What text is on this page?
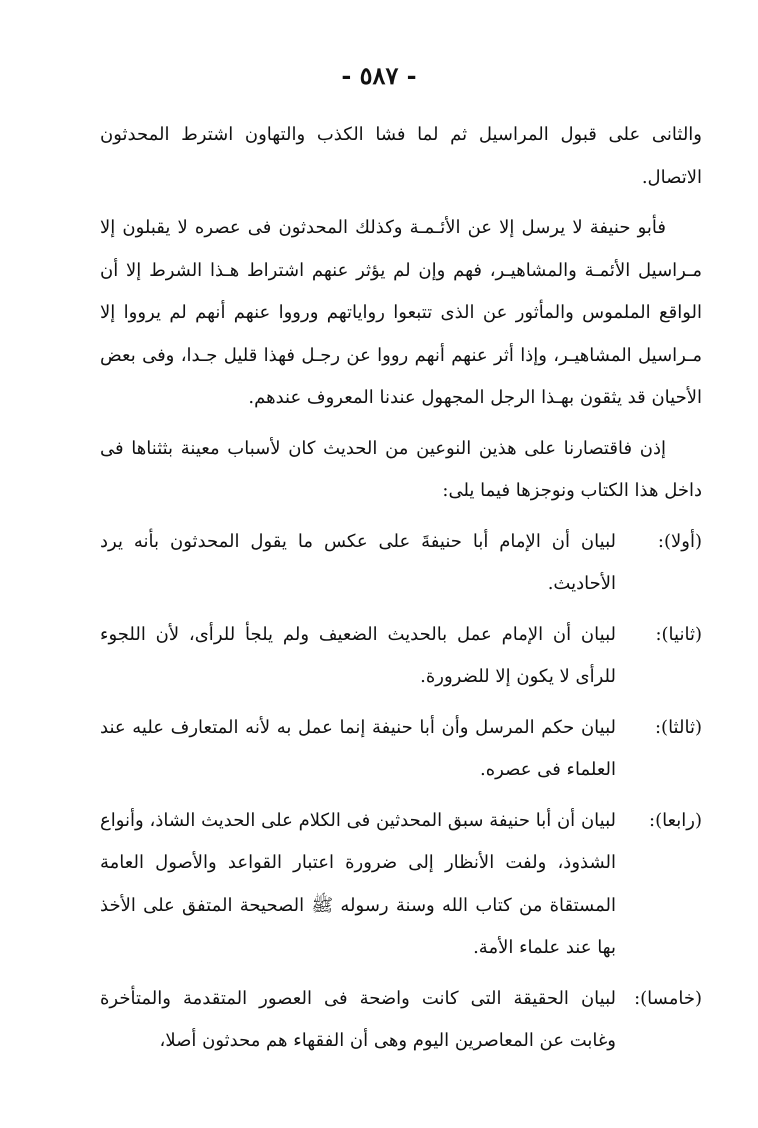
- ٥٨٧ -

والثانى على قبول المراسيل ثم لما فشا الكذب والتهاون اشترط المحدثون الاتصال.

فأبو حنيفة لا يرسل إلا عن الأئـمـة وكذلك المحدثون فى عصره لا يقبلون إلا مـراسيل الأئمـة والمشاهيـر، فهم وإن لم يؤثر عنهم اشتراط هـذا الشرط إلا أن الواقع الملموس والمأثور عن الذى تتبعوا رواياتهم ورووا عنهم أنهم لم يرووا إلا مـراسيل المشاهيـر، وإذا أثر عنهم أنهم رووا عن رجـل فهذا قليل جـدا، وفى بعض الأحيان قد يثقون بهـذا الرجل المجهول عندنا المعروف عندهم.

إذن فاقتصارنا على هذين النوعين من الحديث كان لأسباب معينة بثثناها فى داخل هذا الكتاب ونوجزها فيما يلى:

(أولا):
لبيان أن الإمام أبا حنيفةَ على عكس ما يقول المحدثون بأنه يرد الأحاديث.
(ثانيا):
لبيان أن الإمام عمل بالحديث الضعيف ولم يلجأ للرأى، لأن اللجوء للرأى لا يكون إلا للضرورة.
(ثالثا):
لبيان حكم المرسل وأن أبا حنيفة إنما عمل به لأنه المتعارف عليه عند العلماء فى عصره.
(رابعا):
لبيان أن أبا حنيفة سبق المحدثين فى الكلام على الحديث الشاذ، وأنواع الشذوذ، ولفت الأنظار إلى ضرورة اعتبار القواعد والأصول العامة المستقاة من كتاب الله وسنة رسوله ﷺ الصحيحة المتفق على الأخذ بها عند علماء الأمة.
(خامسا):
لبيان الحقيقة التى كانت واضحة فى العصور المتقدمة والمتأخرة وغابت عن المعاصرين اليوم وهى أن الفقهاء هم محدثون أصلا،
